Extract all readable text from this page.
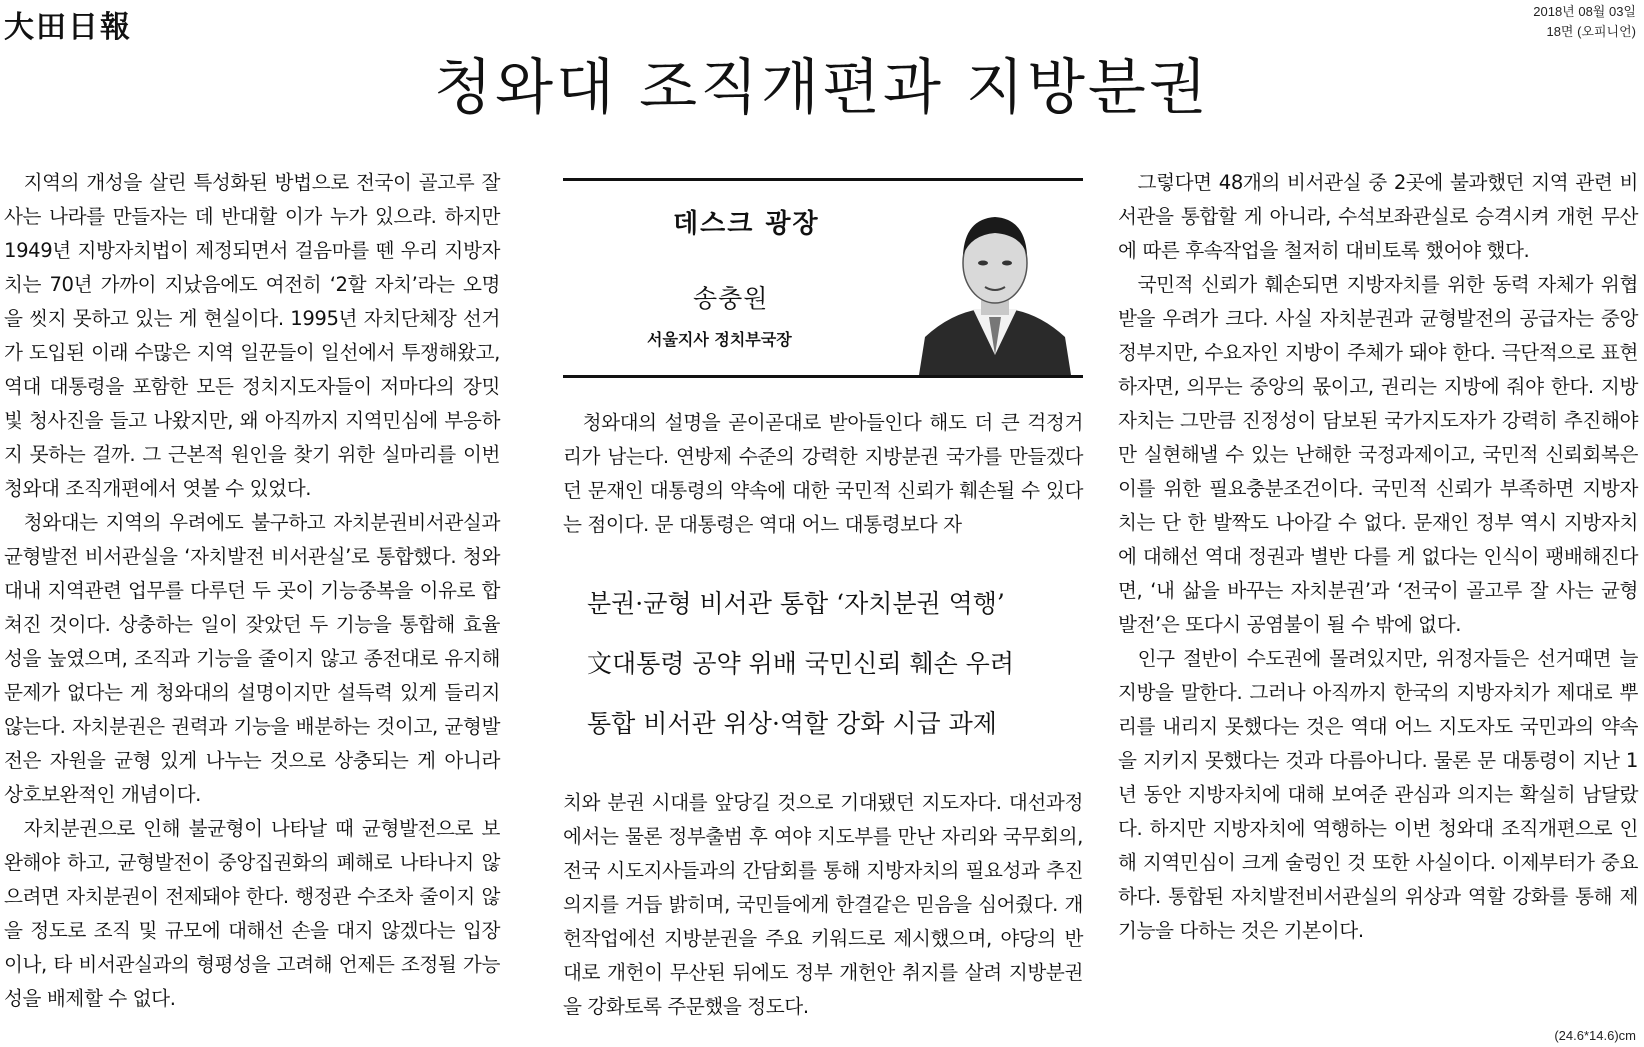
大田日報	2018년 08월 03일
18면 (오피니언)
청와대 조직개편과 지방분권

지역의 개성을 살린 특성화된 방법으로 전국이 골고루 잘사는 나라를 만들자는 데 반대할 이가 누가 있으랴. 하지만 1949년 지방자치법이 제정되면서 걸음마를 뗀 우리 지방자치는 70년 가까이 지났음에도 여전히 ‘2할 자치’라는 오명을 씻지 못하고 있는 게 현실이다. 1995년 자치단체장 선거가 도입된 이래 수많은 지역 일꾼들이 일선에서 투쟁해왔고, 역대 대통령을 포함한 모든 정치지도자들이 저마다의 장밋빛 청사진을 들고 나왔지만, 왜 아직까지 지역민심에 부응하지 못하는 걸까. 그 근본적 원인을 찾기 위한 실마리를 이번 청와대 조직개편에서 엿볼 수 있었다.

청와대는 지역의 우려에도 불구하고 자치분권비서관실과 균형발전 비서관실을 ‘자치발전 비서관실’로 통합했다. 청와대내 지역관련 업무를 다루던 두 곳이 기능중복을 이유로 합쳐진 것이다. 상충하는 일이 잦았던 두 기능을 통합해 효율성을 높였으며, 조직과 기능을 줄이지 않고 종전대로 유지해 문제가 없다는 게 청와대의 설명이지만 설득력 있게 들리지 않는다. 자치분권은 권력과 기능을 배분하는 것이고, 균형발전은 자원을 균형 있게 나누는 것으로 상충되는 게 아니라 상호보완적인 개념이다.

자치분권으로 인해 불균형이 나타날 때 균형발전으로 보완해야 하고, 균형발전이 중앙집권화의 폐해로 나타나지 않으려면 자치분권이 전제돼야 한다. 행정관 수조차 줄이지 않을 정도로 조직 및 규모에 대해선 손을 대지 않겠다는 입장이나, 타 비서관실과의 형평성을 고려해 언제든 조정될 가능성을 배제할 수 없다.

데스크 광장
송충원
서울지사 정치부국장

청와대의 설명을 곧이곧대로 받아들인다 해도 더 큰 걱정거리가 남는다. 연방제 수준의 강력한 지방분권 국가를 만들겠다던 문재인 대통령의 약속에 대한 국민적 신뢰가 훼손될 수 있다는 점이다. 문 대통령은 역대 어느 대통령보다 자

분권·균형 비서관 통합 ‘자치분권 역행’
文대통령 공약 위배 국민신뢰 훼손 우려
통합 비서관 위상·역할 강화 시급 과제

치와 분권 시대를 앞당길 것으로 기대됐던 지도자다. 대선과정에서는 물론 정부출범 후 여야 지도부를 만난 자리와 국무회의, 전국 시도지사들과의 간담회를 통해 지방자치의 필요성과 추진의지를 거듭 밝히며, 국민들에게 한결같은 믿음을 심어줬다. 개헌작업에선 지방분권을 주요 키워드로 제시했으며, 야당의 반대로 개헌이 무산된 뒤에도 정부 개헌안 취지를 살려 지방분권을 강화토록 주문했을 정도다.

그렇다면 48개의 비서관실 중 2곳에 불과했던 지역 관련 비서관을 통합할 게 아니라, 수석보좌관실로 승격시켜 개헌 무산에 따른 후속작업을 철저히 대비토록 했어야 했다.

국민적 신뢰가 훼손되면 지방자치를 위한 동력 자체가 위협받을 우려가 크다. 사실 자치분권과 균형발전의 공급자는 중앙정부지만, 수요자인 지방이 주체가 돼야 한다. 극단적으로 표현하자면, 의무는 중앙의 몫이고, 권리는 지방에 줘야 한다. 지방자치는 그만큼 진정성이 담보된 국가지도자가 강력히 추진해야만 실현해낼 수 있는 난해한 국정과제이고, 국민적 신뢰회복은 이를 위한 필요충분조건이다. 국민적 신뢰가 부족하면 지방자치는 단 한 발짝도 나아갈 수 없다. 문재인 정부 역시 지방자치에 대해선 역대 정권과 별반 다를 게 없다는 인식이 팽배해진다면, ‘내 삶을 바꾸는 자치분권’과 ‘전국이 골고루 잘 사는 균형발전’은 또다시 공염불이 될 수 밖에 없다.

인구 절반이 수도권에 몰려있지만, 위정자들은 선거때면 늘 지방을 말한다. 그러나 아직까지 한국의 지방자치가 제대로 뿌리를 내리지 못했다는 것은 역대 어느 지도자도 국민과의 약속을 지키지 못했다는 것과 다름아니다. 물론 문 대통령이 지난 1년 동안 지방자치에 대해 보여준 관심과 의지는 확실히 남달랐다. 하지만 지방자치에 역행하는 이번 청와대 조직개편으로 인해 지역민심이 크게 술렁인 것 또한 사실이다. 이제부터가 중요하다. 통합된 자치발전비서관실의 위상과 역할 강화를 통해 제기능을 다하는 것은 기본이다.

(24.6*14.6)cm
